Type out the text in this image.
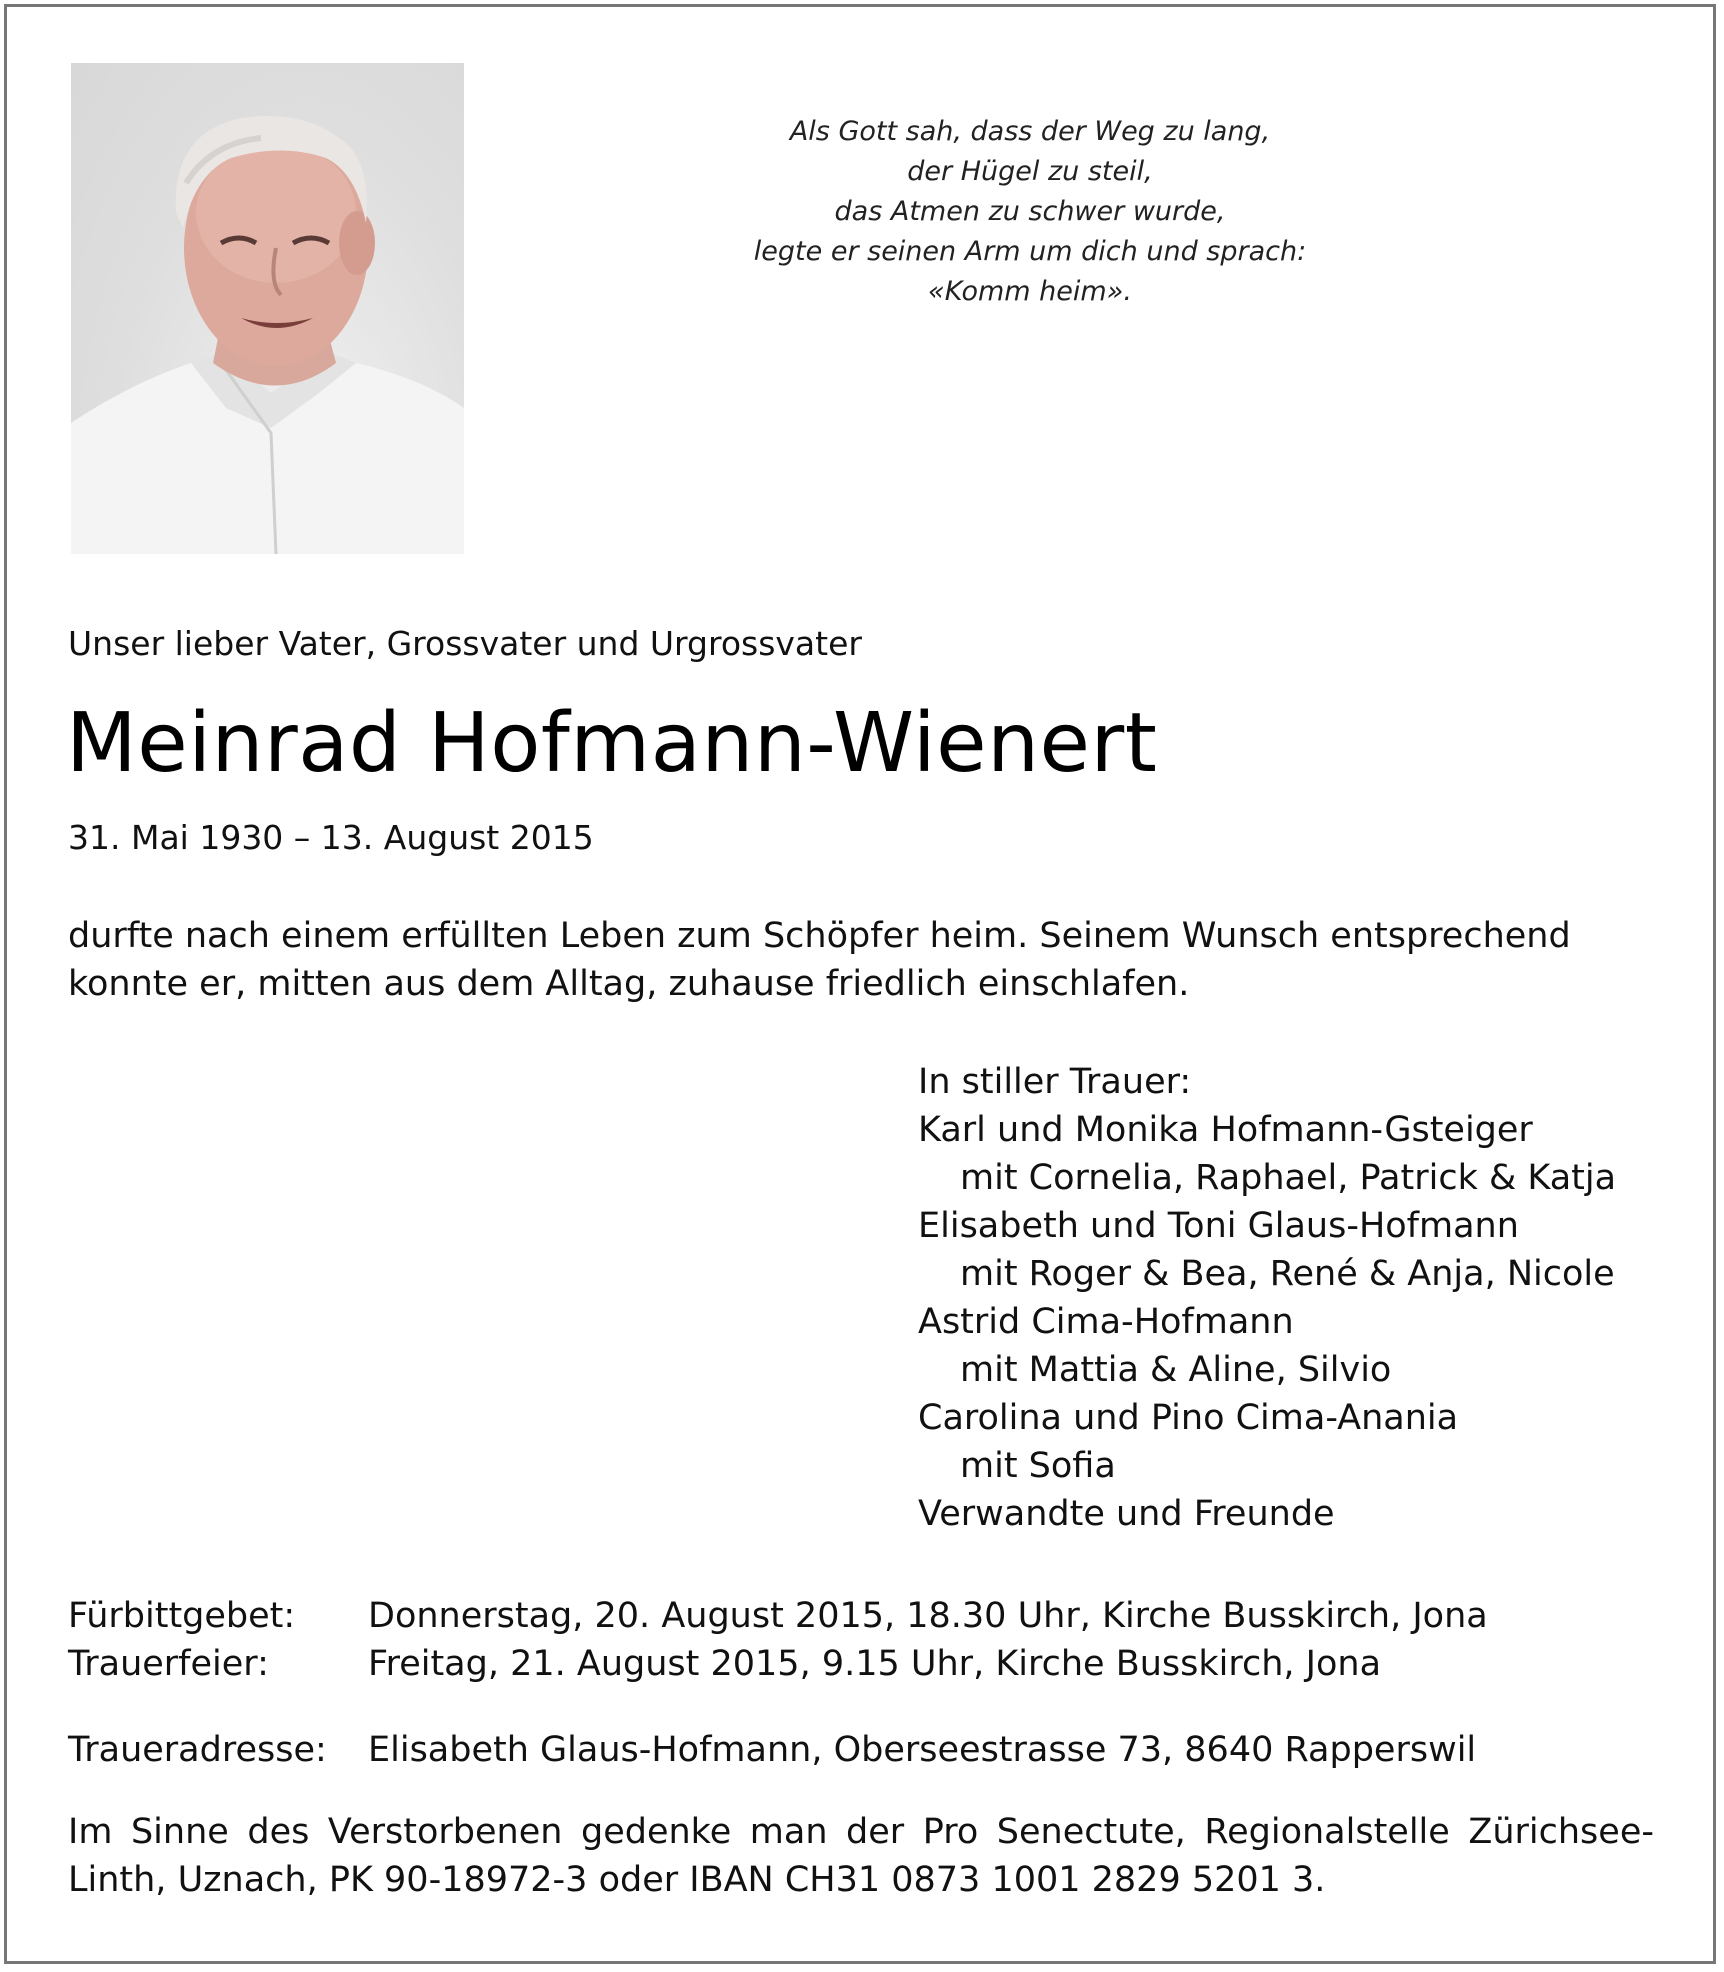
Als Gott sah, dass der Weg zu lang,
der Hügel zu steil,
das Atmen zu schwer wurde,
legte er seinen Arm um dich und sprach:
«Komm heim».
Unser lieber Vater, Grossvater und Urgrossvater
Meinrad Hofmann-Wienert
31. Mai 1930 – 13. August 2015
durfte nach einem erfüllten Leben zum Schöpfer heim. Seinem Wunsch entsprechend
konnte er, mitten aus dem Alltag, zuhause friedlich einschlafen.
In stiller Trauer:
Karl und Monika Hofmann-Gsteiger
mit Cornelia, Raphael, Patrick & Katja
Elisabeth und Toni Glaus-Hofmann
mit Roger & Bea, René & Anja, Nicole
Astrid Cima-Hofmann
mit Mattia & Aline, Silvio
Carolina und Pino Cima-Anania
mit Sofia
Verwandte und Freunde
Fürbittgebet:	Donnerstag, 20. August 2015, 18.30 Uhr, Kirche Busskirch, Jona
Trauerfeier:	Freitag, 21. August 2015, 9.15 Uhr, Kirche Busskirch, Jona
Traueradresse:	Elisabeth Glaus-Hofmann, Oberseestrasse 73, 8640 Rapperswil
Im Sinne des Verstorbenen gedenke man der Pro Senectute, Regionalstelle Zürichsee-
Linth, Uznach, PK 90-18972-3 oder IBAN CH31 0873 1001 2829 5201 3.
